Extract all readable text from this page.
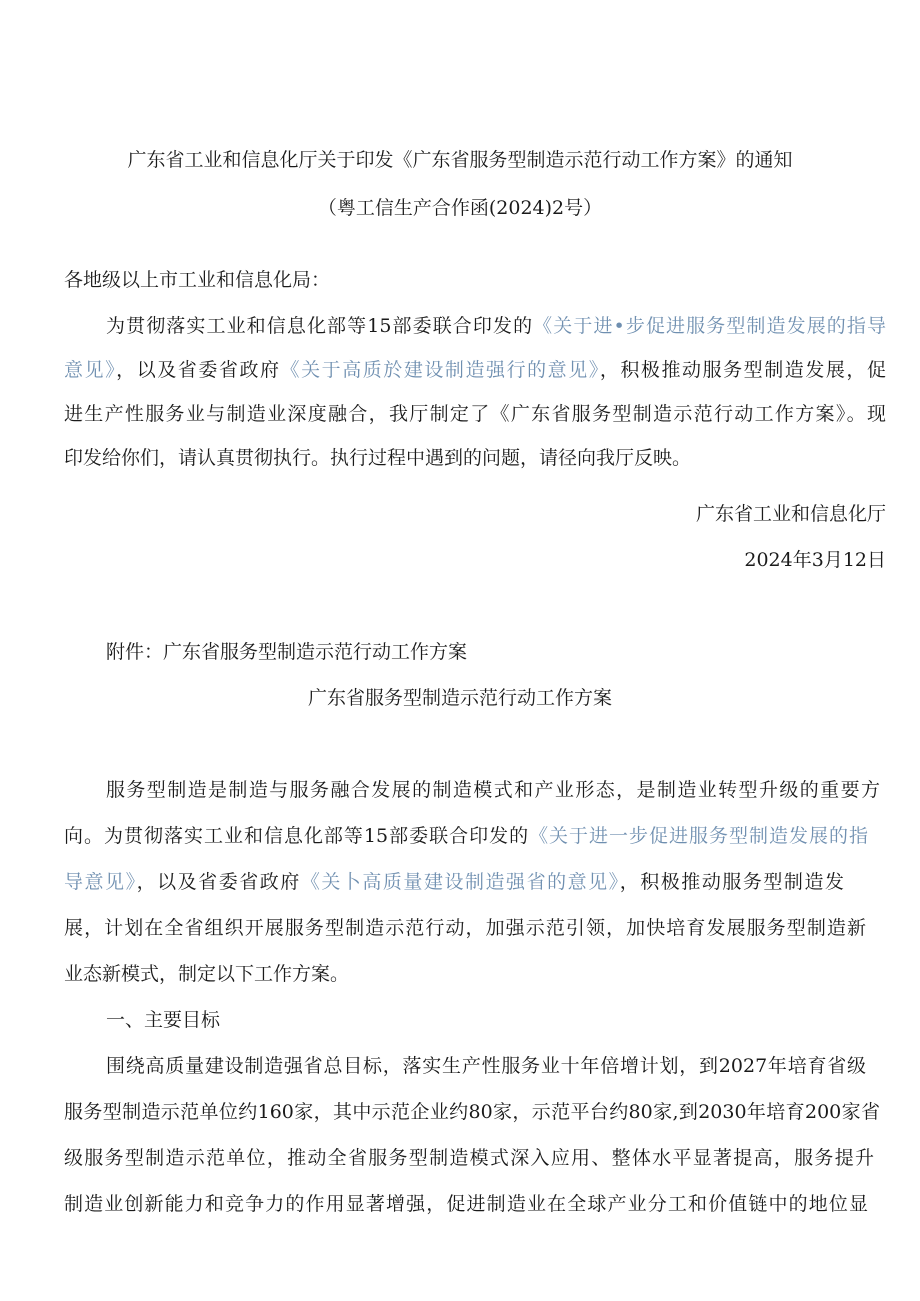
广东省工业和信息化厅关于印发《广东省服务型制造示范行动工作方案》的通知
（粤工信生产合作函(2024)2号）
各地级以上市工业和信息化局：
为贯彻落实工业和信息化部等15部委联合印发的《关于进•步促进服务型制造发展的指导
意见》，以及省委省政府《关于高质於建设制造强行的意见》，积极推动服务型制造发展，促
进生产性服务业与制造业深度融合，我厅制定了《广东省服务型制造示范行动工作方案》。现
印发给你们，请认真贯彻执行。执行过程中遇到的问题，请径向我厅反映。
广东省工业和信息化厅
2024年3月12日
附件：广东省服务型制造示范行动工作方案
广东省服务型制造示范行动工作方案
服务型制造是制造与服务融合发展的制造模式和产业形态，是制造业转型升级的重要方
向。为贯彻落实工业和信息化部等15部委联合印发的《关于进一步促进服务型制造发展的指
导意见》，以及省委省政府《关卜高质量建设制造强省的意见》，积极推动服务型制造发
展，计划在全省组织开展服务型制造示范行动，加强示范引领，加快培育发展服务型制造新
业态新模式，制定以下工作方案。
一、主要目标
围绕高质量建设制造强省总目标，落实生产性服务业十年倍增计划，到2027年培育省级
服务型制造示范单位约160家，其中示范企业约80家，示范平台约80家,到2030年培育200家省
级服务型制造示范单位，推动全省服务型制造模式深入应用、整体水平显著提高，服务提升
制造业创新能力和竞争力的作用显著增强，促进制造业在全球产业分工和价值链中的地位显
